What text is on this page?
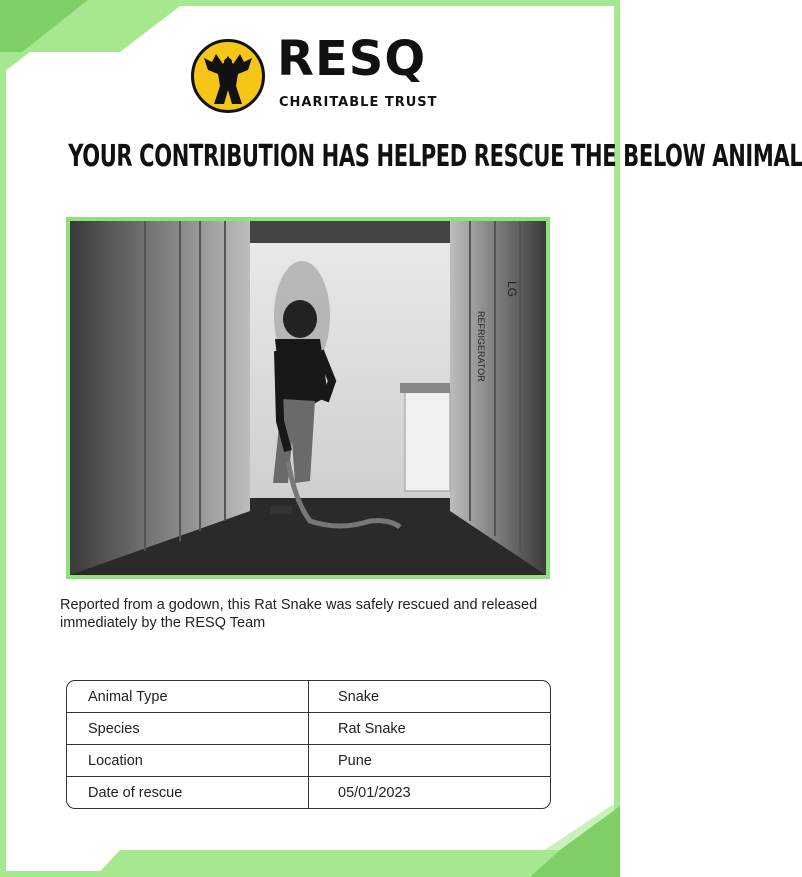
RESQ
CHARITABLE TRUST
YOUR CONTRIBUTION HAS HELPED RESCUE THE BELOW ANIMAL
LG
REFRIGERATOR
Reported from a godown, this Rat Snake was safely rescued and released immediately by the RESQ Team
Animal Type	Snake
Species	Rat Snake
Location	Pune
Date of rescue	05/01/2023
